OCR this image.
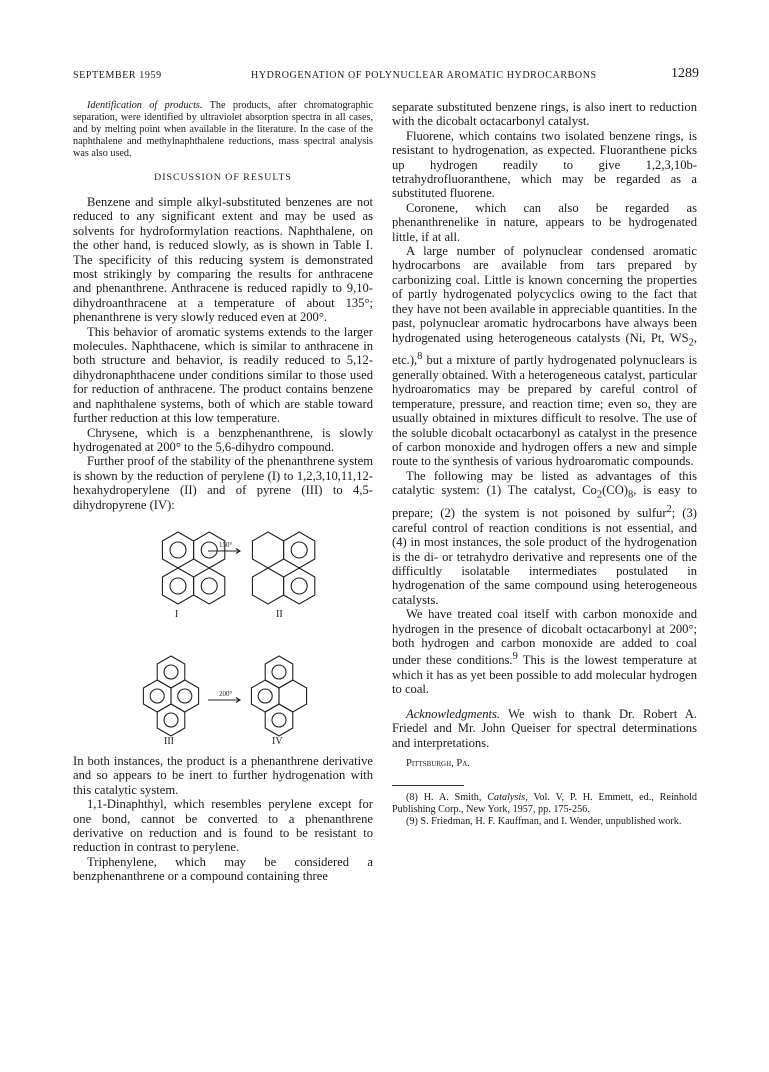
SEPTEMBER 1959	HYDROGENATION OF POLYNUCLEAR AROMATIC HYDROCARBONS	1289

Identification of products. The products, after chromatographic separation, were identified by ultraviolet absorption spectra in all cases, and by melting point when available in the literature. In the case of the naphthalene and methylnaphthalene reductions, mass spectral analysis was also used.

DISCUSSION OF RESULTS

Benzene and simple alkyl-substituted benzenes are not reduced to any significant extent and may be used as solvents for hydroformylation reactions. Naphthalene, on the other hand, is reduced slowly, as is shown in Table I. The specificity of this reducing system is demonstrated most strikingly by comparing the results for anthracene and phenanthrene. Anthracene is reduced rapidly to 9,10-dihydroanthracene at a temperature of about 135°; phenanthrene is very slowly reduced even at 200°.

This behavior of aromatic systems extends to the larger molecules. Naphthacene, which is similar to anthracene in both structure and behavior, is readily reduced to 5,12-dihydronaphthacene under conditions similar to those used for reduction of anthracene. The product contains benzene and naphthalene systems, both of which are stable toward further reduction at this low temperature.

Chrysene, which is a benzphenanthrene, is slowly hydrogenated at 200° to the 5,6-dihydro compound.

Further proof of the stability of the phenanthrene system is shown by the reduction of perylene (I) to 1,2,3,10,11,12-hexahydroperylene (II) and of pyrene (III) to 4,5-dihydropyrene (IV):

150°
200°
I	II
III	IV

In both instances, the product is a phenanthrene derivative and so appears to be inert to further hydrogenation with this catalytic system.

1,1-Dinaphthyl, which resembles perylene except for one bond, cannot be converted to a phenanthrene derivative on reduction and is found to be resistant to reduction in contrast to perylene.

Triphenylene, which may be considered a benzphenanthrene or a compound containing three

separate substituted benzene rings, is also inert to reduction with the dicobalt octacarbonyl catalyst.

Fluorene, which contains two isolated benzene rings, is resistant to hydrogenation, as expected. Fluoranthene picks up hydrogen readily to give 1,2,3,10b-tetrahydrofluoranthene, which may be regarded as a substituted fluorene.

Coronene, which can also be regarded as phenanthrenelike in nature, appears to be hydrogenated little, if at all.

A large number of polynuclear condensed aromatic hydrocarbons are available from tars prepared by carbonizing coal. Little is known concerning the properties of partly hydrogenated polycyclics owing to the fact that they have not been available in appreciable quantities. In the past, polynuclear aromatic hydrocarbons have always been hydrogenated using heterogeneous catalysts (Ni, Pt, $WS_2$, etc.),$^8$ but a mixture of partly hydrogenated polynuclears is generally obtained. With a heterogeneous catalyst, particular hydroaromatics may be prepared by careful control of temperature, pressure, and reaction time; even so, they are usually obtained in mixtures difficult to resolve. The use of the soluble dicobalt octacarbonyl as catalyst in the presence of carbon monoxide and hydrogen offers a new and simple route to the synthesis of various hydroaromatic compounds.

The following may be listed as advantages of this catalytic system: (1) The catalyst, $Co_2(CO)_8$, is easy to prepare; (2) the system is not poisoned by sulfur$^2$; (3) careful control of reaction conditions is not essential, and (4) in most instances, the sole product of the hydrogenation is the di- or tetrahydro derivative and represents one of the difficultly isolatable intermediates postulated in hydrogenation of the same compound using heterogeneous catalysts.

We have treated coal itself with carbon monoxide and hydrogen in the presence of dicobalt octacarbonyl at 200°; both hydrogen and carbon monoxide are added to coal under these conditions.$^9$ This is the lowest temperature at which it has as yet been possible to add molecular hydrogen to coal.

Acknowledgments. We wish to thank Dr. Robert A. Friedel and Mr. John Queiser for spectral determinations and interpretations.

Pittsburgh, Pa.

(8) H. A. Smith, Catalysis, Vol. V, P. H. Emmett, ed., Reinhold Publishing Corp., New York, 1957, pp. 175-256.

(9) S. Friedman, H. F. Kauffman, and I. Wender, unpublished work.
